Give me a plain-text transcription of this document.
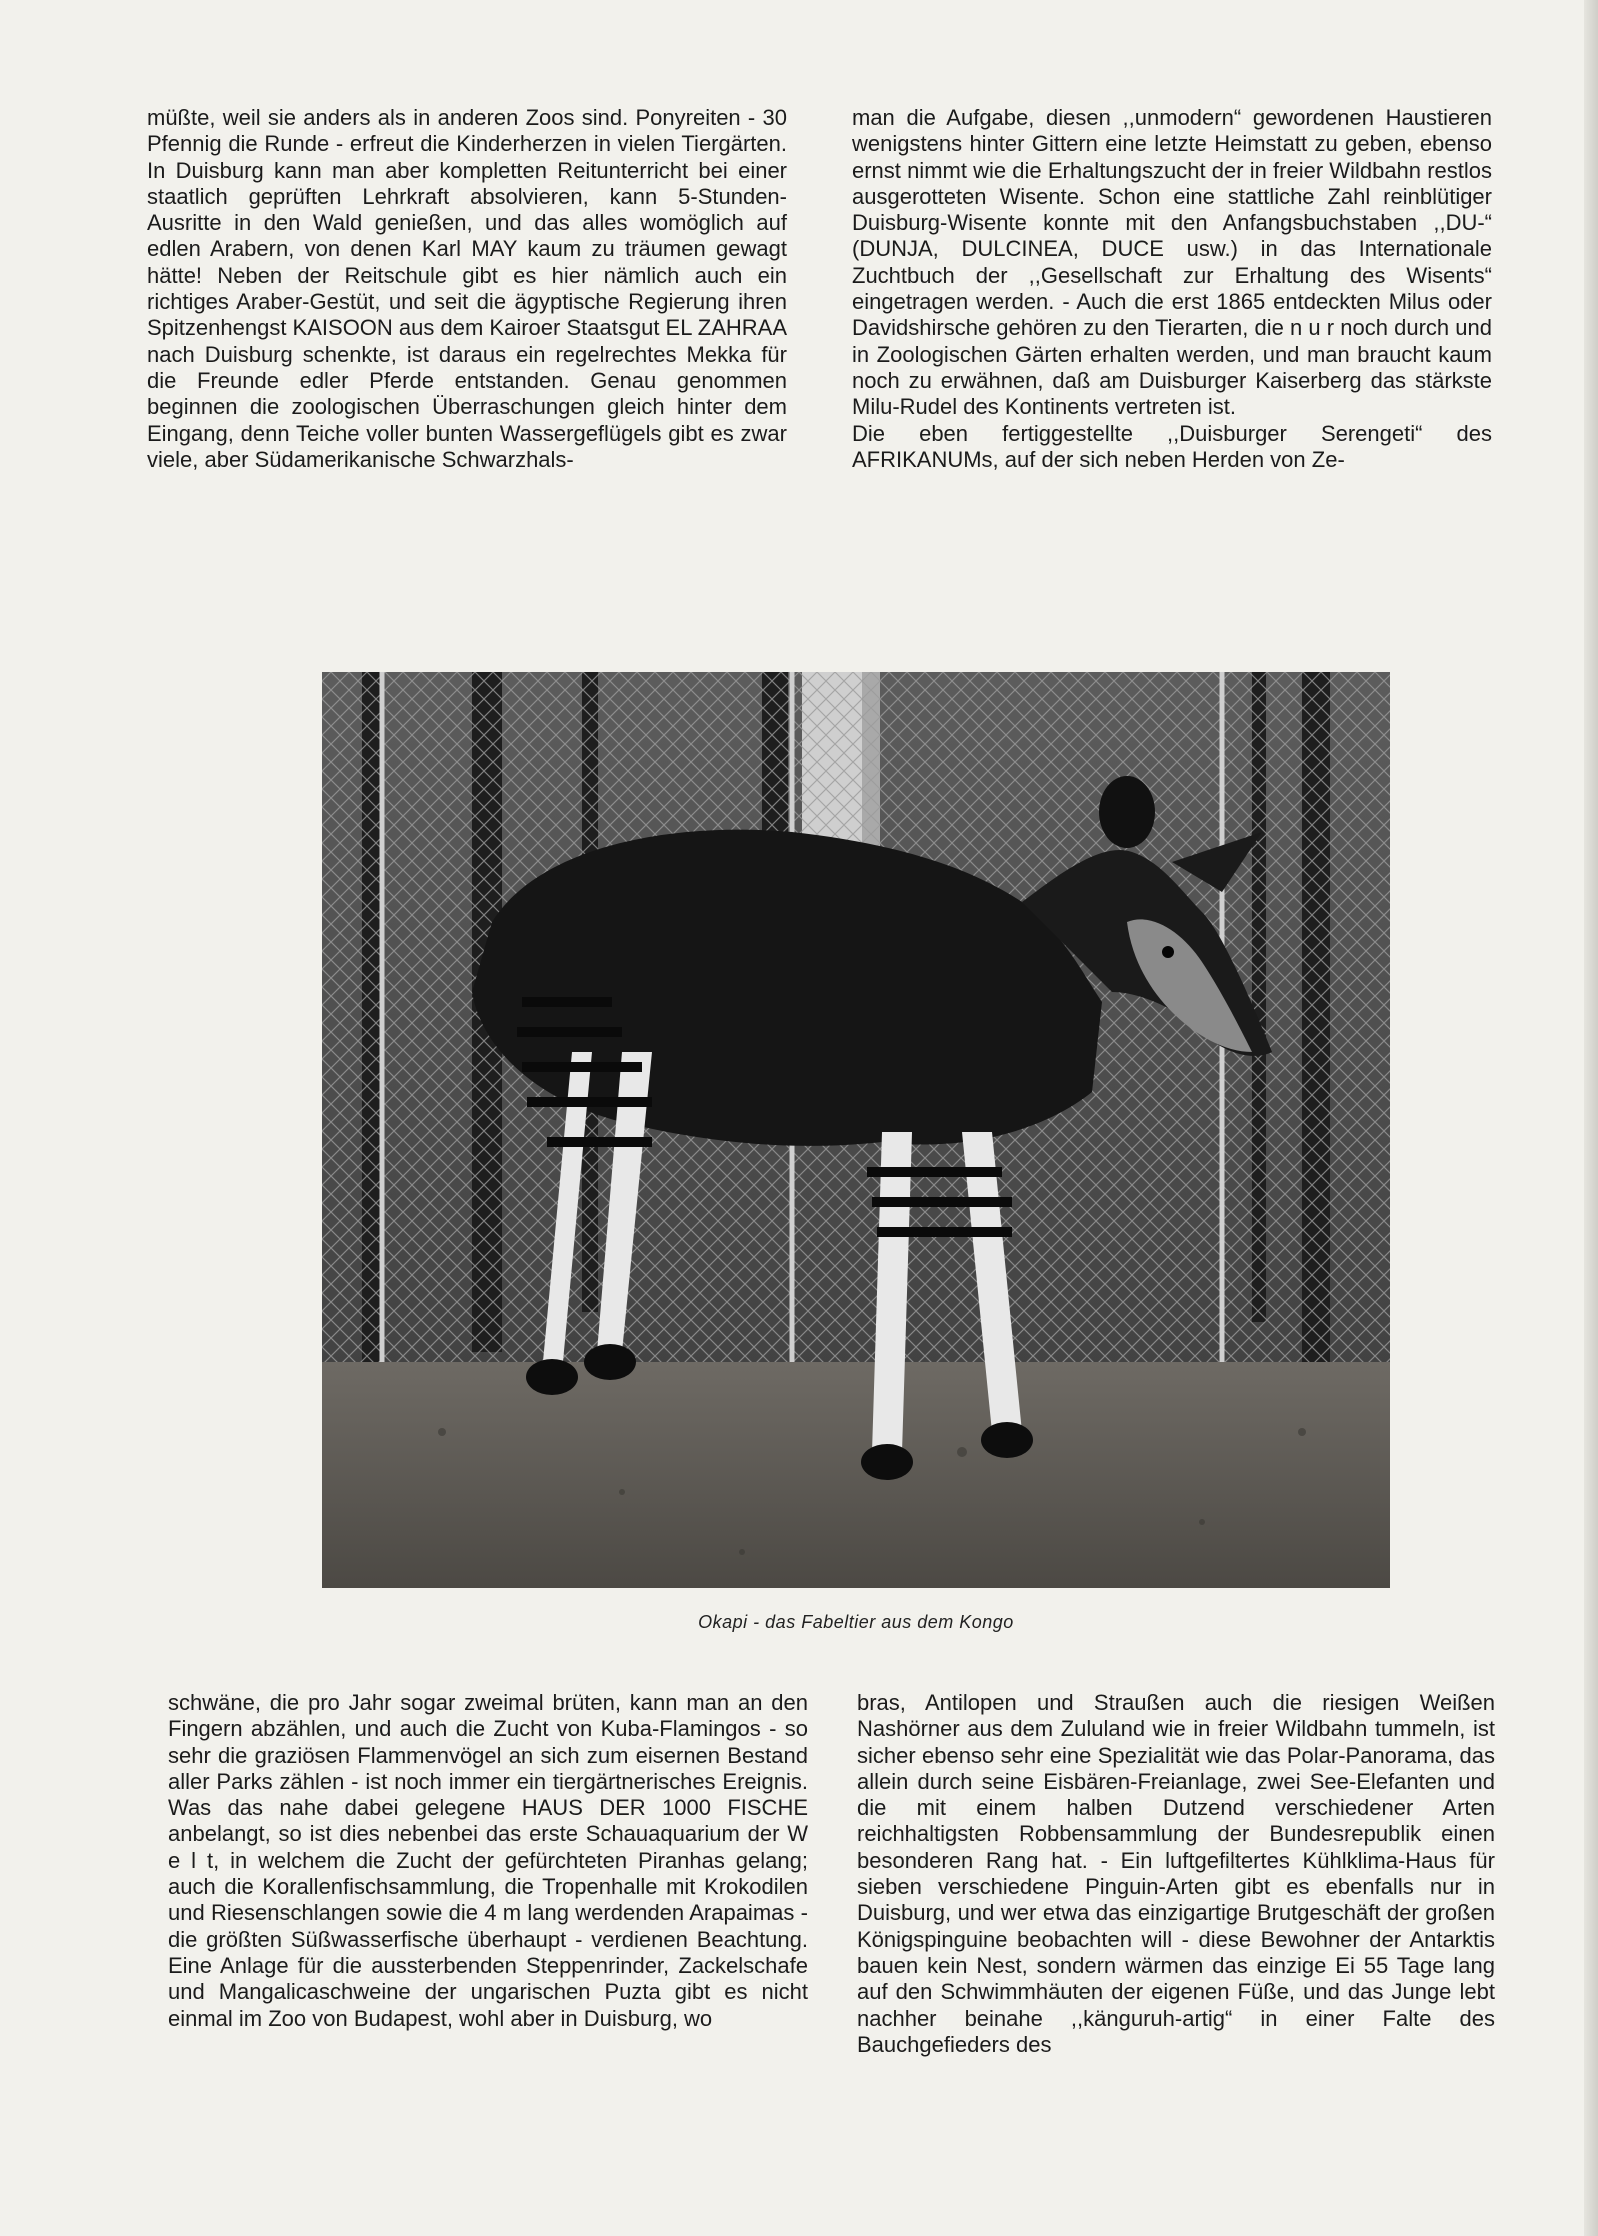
müßte, weil sie anders als in anderen Zoos sind. Ponyreiten - 30 Pfennig die Runde - erfreut die Kinderherzen in vielen Tiergärten. In Duisburg kann man aber kompletten Reitunterricht bei einer staatlich geprüften Lehrkraft absolvieren, kann 5-Stunden-Ausritte in den Wald genießen, und das alles womöglich auf edlen Arabern, von denen Karl MAY kaum zu träumen gewagt hätte! Neben der Reitschule gibt es hier nämlich auch ein richtiges Araber-Gestüt, und seit die ägyptische Regierung ihren Spitzenhengst KAISOON aus dem Kairoer Staatsgut EL ZAHRAA nach Duisburg schenkte, ist daraus ein regelrechtes Mekka für die Freunde edler Pferde entstanden. Genau genommen beginnen die zoologischen Überraschungen gleich hinter dem Eingang, denn Teiche voller bunten Wassergeflügels gibt es zwar viele, aber Südamerikanische Schwarzhals-

man die Aufgabe, diesen ,,unmodern“ gewordenen Haustieren wenigstens hinter Gittern eine letzte Heimstatt zu geben, ebenso ernst nimmt wie die Erhaltungszucht der in freier Wildbahn restlos ausgerotteten Wisente. Schon eine stattliche Zahl reinblütiger Duisburg-Wisente konnte mit den Anfangsbuchstaben ,,DU-“ (DUNJA, DULCINEA, DUCE usw.) in das Internationale Zuchtbuch der ,,Gesellschaft zur Erhaltung des Wisents“ eingetragen werden. - Auch die erst 1865 entdeckten Milus oder Davidshirsche gehören zu den Tierarten, die n u r noch durch und in Zoologischen Gärten erhalten werden, und man braucht kaum noch zu erwähnen, daß am Duisburger Kaiserberg das stärkste Milu-Rudel des Kontinents vertreten ist.

Die eben fertiggestellte ,,Duisburger Serengeti“ des AFRIKANUMs, auf der sich neben Herden von Ze-

Okapi - das Fabeltier aus dem Kongo

schwäne, die pro Jahr sogar zweimal brüten, kann man an den Fingern abzählen, und auch die Zucht von Kuba-Flamingos - so sehr die graziösen Flammenvögel an sich zum eisernen Bestand aller Parks zählen - ist noch immer ein tiergärtnerisches Ereignis. Was das nahe dabei gelegene HAUS DER 1000 FISCHE anbelangt, so ist dies nebenbei das erste Schauaquarium der W e l t, in welchem die Zucht der gefürchteten Piranhas gelang; auch die Korallenfischsammlung, die Tropenhalle mit Krokodilen und Riesenschlangen sowie die 4 m lang werdenden Arapaimas - die größten Süßwasserfische überhaupt - verdienen Beachtung. Eine Anlage für die aussterbenden Steppenrinder, Zackelschafe und Mangalicaschweine der ungarischen Puzta gibt es nicht einmal im Zoo von Budapest, wohl aber in Duisburg, wo

bras, Antilopen und Straußen auch die riesigen Weißen Nashörner aus dem Zululand wie in freier Wildbahn tummeln, ist sicher ebenso sehr eine Spezialität wie das Polar-Panorama, das allein durch seine Eisbären-Freianlage, zwei See-Elefanten und die mit einem halben Dutzend verschiedener Arten reichhaltigsten Robbensammlung der Bundesrepublik einen besonderen Rang hat. - Ein luftgefiltertes Kühlklima-Haus für sieben verschiedene Pinguin-Arten gibt es ebenfalls nur in Duisburg, und wer etwa das einzigartige Brutgeschäft der großen Königspinguine beobachten will - diese Bewohner der Antarktis bauen kein Nest, sondern wärmen das einzige Ei 55 Tage lang auf den Schwimmhäuten der eigenen Füße, und das Junge lebt nachher beinahe ,,känguruh-artig“ in einer Falte des Bauchgefieders des
